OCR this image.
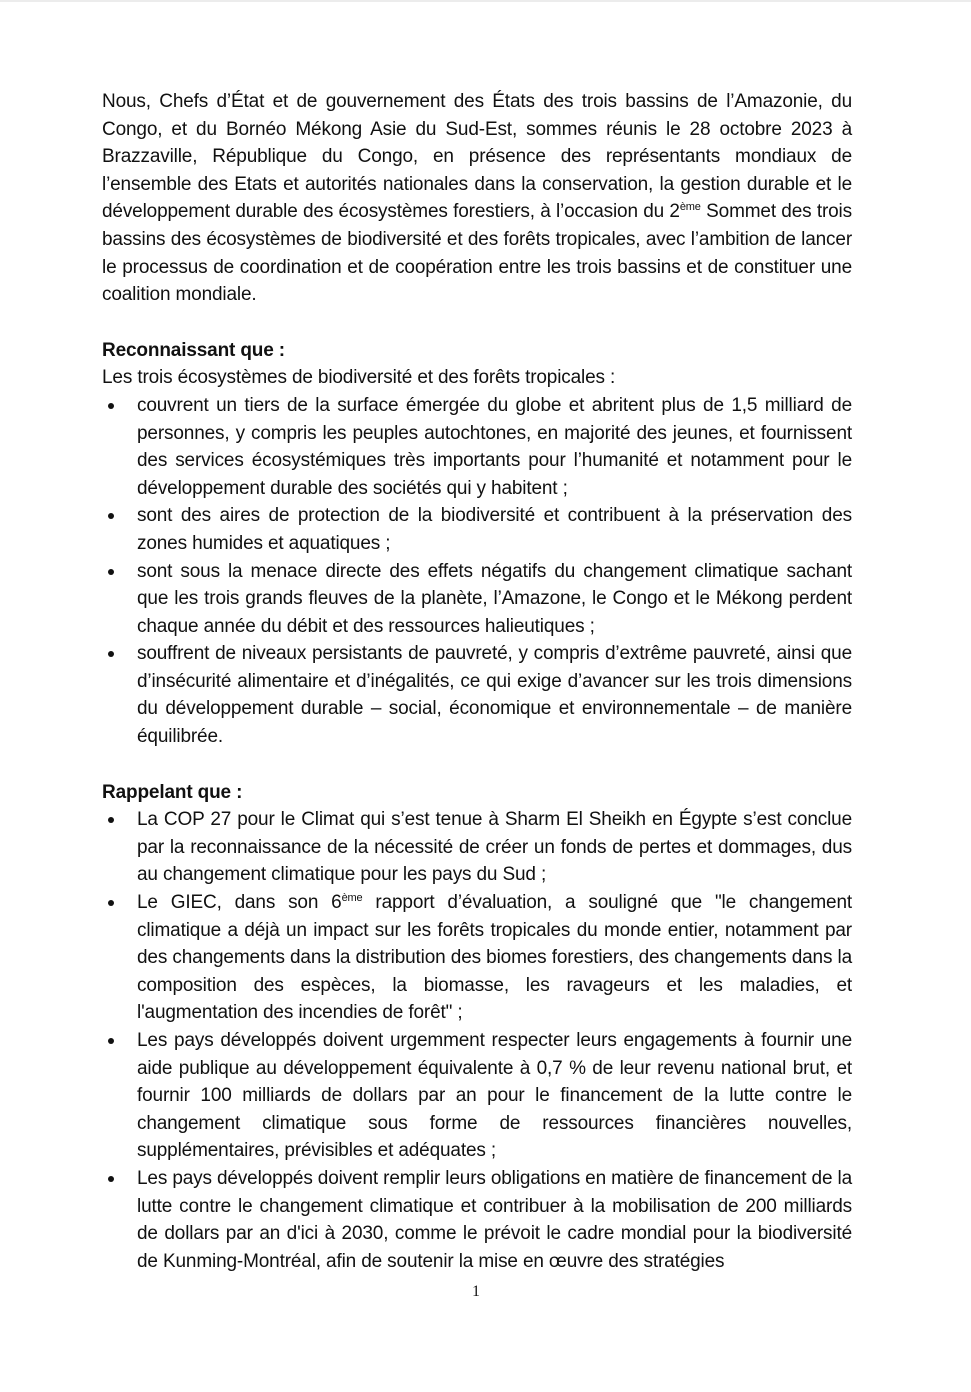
Nous, Chefs d’État et de gouvernement des États des trois bassins de l’Amazonie, du Congo, et du Bornéo Mékong Asie du Sud-Est, sommes réunis le 28 octobre 2023 à Brazzaville, République du Congo, en présence des représentants mondiaux de l’ensemble des Etats et autorités nationales dans la conservation, la gestion durable et le développement durable des écosystèmes forestiers, à l’occasion du 2ème Sommet des trois bassins des écosystèmes de biodiversité et des forêts tropicales, avec l’ambition de lancer le processus de coordination et de coopération entre les trois bassins et de constituer une coalition mondiale.

Reconnaissant que :

Les trois écosystèmes de biodiversité et des forêts tropicales :

couvrent un tiers de la surface émergée du globe et abritent plus de 1,5 milliard de personnes, y compris les peuples autochtones, en majorité des jeunes, et fournissent des services écosystémiques très importants pour l’humanité et notamment pour le développement durable des sociétés qui y habitent ;
sont des aires de protection de la biodiversité et contribuent à la préservation des zones humides et aquatiques ;
sont sous la menace directe des effets négatifs du changement climatique sachant que les trois grands fleuves de la planète, l’Amazone, le Congo et le Mékong perdent chaque année du débit et des ressources halieutiques ;
souffrent de niveaux persistants de pauvreté, y compris d’extrême pauvreté, ainsi que d’insécurité alimentaire et d’inégalités, ce qui exige d’avancer sur les trois dimensions du développement durable – social, économique et environnementale – de manière équilibrée.

Rappelant que :

La COP 27 pour le Climat qui s’est tenue à Sharm El Sheikh en Égypte s’est conclue par la reconnaissance de la nécessité de créer un fonds de pertes et dommages, dus au changement climatique pour les pays du Sud ;
Le GIEC, dans son 6ème rapport d’évaluation, a souligné que "le changement climatique a déjà un impact sur les forêts tropicales du monde entier, notamment par des changements dans la distribution des biomes forestiers, des changements dans la composition des espèces, la biomasse, les ravageurs et les maladies, et l'augmentation des incendies de forêt" ;
Les pays développés doivent urgemment respecter leurs engagements à fournir une aide publique au développement équivalente à 0,7 % de leur revenu national brut, et fournir 100 milliards de dollars par an pour le financement de la lutte contre le changement climatique sous forme de ressources financières nouvelles, supplémentaires, prévisibles et adéquates ;
Les pays développés doivent remplir leurs obligations en matière de financement de la lutte contre le changement climatique et contribuer à la mobilisation de 200 milliards de dollars par an d'ici à 2030, comme le prévoit le cadre mondial pour la biodiversité de Kunming-Montréal, afin de soutenir la mise en œuvre des stratégies
1
